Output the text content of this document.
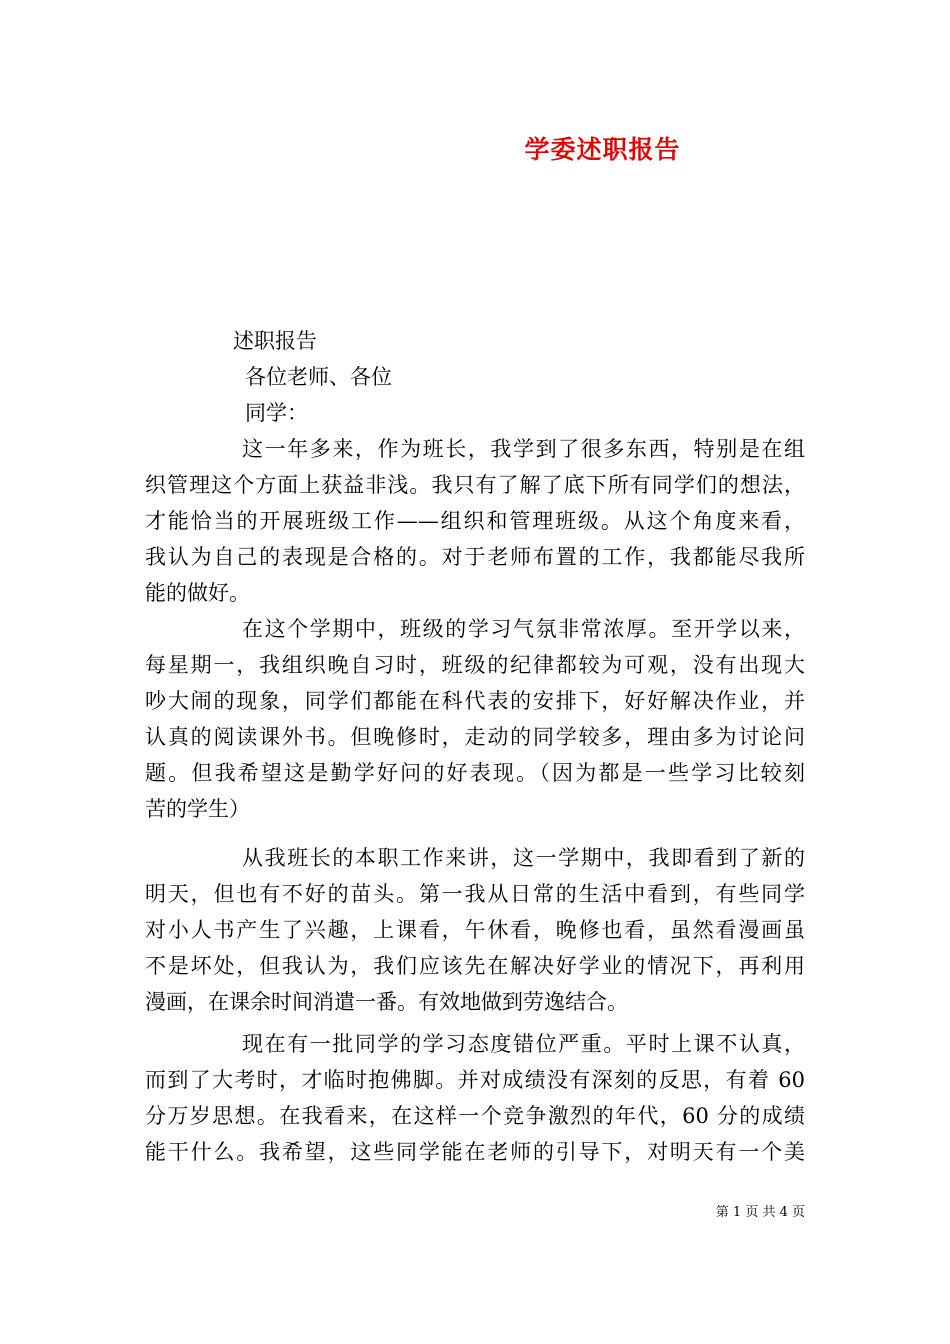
学委述职报告

述职报告

各位老师、各位

同学：

这一年多来，作为班长，我学到了很多东西，特别是在组

织管理这个方面上获益非浅。我只有了解了底下所有同学们的想法，

才能恰当的开展班级工作——组织和管理班级。从这个角度来看，

我认为自己的表现是合格的。对于老师布置的工作，我都能尽我所

能的做好。

在这个学期中，班级的学习气氛非常浓厚。至开学以来，

每星期一，我组织晚自习时，班级的纪律都较为可观，没有出现大

吵大闹的现象，同学们都能在科代表的安排下，好好解决作业，并

认真的阅读课外书。但晚修时，走动的同学较多，理由多为讨论问

题。但我希望这是勤学好问的好表现。（因为都是一些学习比较刻

苦的学生）

从我班长的本职工作来讲，这一学期中，我即看到了新的

明天，但也有不好的苗头。第一我从日常的生活中看到，有些同学

对小人书产生了兴趣，上课看，午休看，晚修也看，虽然看漫画虽

不是坏处，但我认为，我们应该先在解决好学业的情况下，再利用

漫画，在课余时间消遣一番。有效地做到劳逸结合。

现在有一批同学的学习态度错位严重。平时上课不认真，

而到了大考时，才临时抱佛脚。并对成绩没有深刻的反思，有着 60

分万岁思想。在我看来，在这样一个竞争激烈的年代，60 分的成绩

能干什么。我希望，这些同学能在老师的引导下，对明天有一个美

第 1 页 共 4 页
